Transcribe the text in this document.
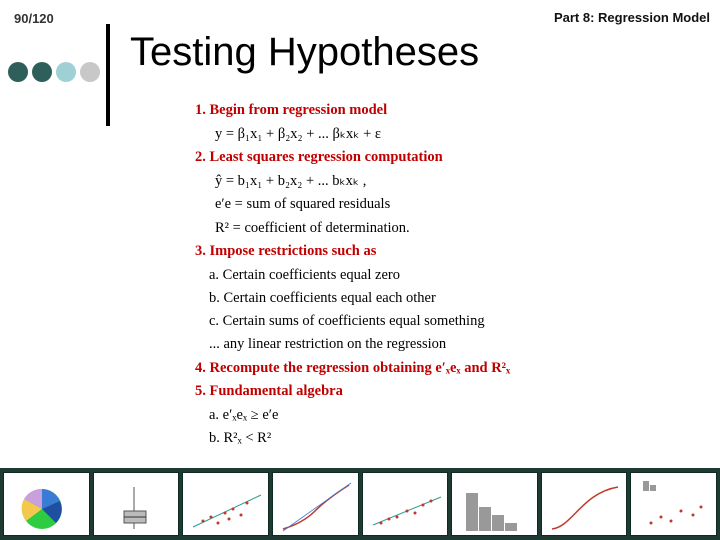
90/120	Part 8: Regression Model
Testing Hypotheses
1. Begin from regression model
y = β₁x₁ + β₂x₂ + ... βₖxₖ + ε
2. Least squares regression computation
ŷ = b₁x₁ + b₂x₂ + ... bₖxₖ ,
e′e = sum of squared residuals
R² = coefficient of determination.
3. Impose restrictions such as
a. Certain coefficients equal zero
b. Certain coefficients equal each other
c. Certain sums of coefficients equal something
... any linear restriction on the regression
4. Recompute the regression obtaining e′ₓeₓ and R²ₓ
5. Fundamental algebra
a. e′ₓeₓ ≥ e′e
b. R²ₓ < R²
